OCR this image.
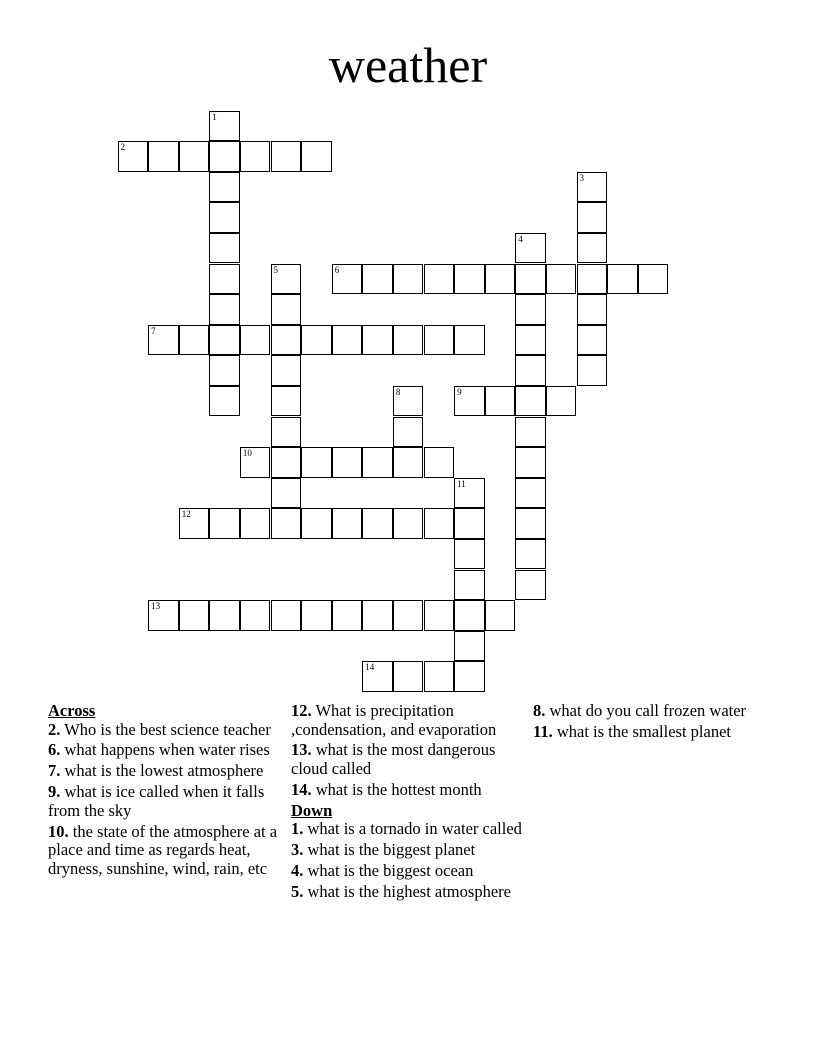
weather
1
2
3
4
5	6
7
8	9
10
11
12
13
14
Across
2. Who is the best science teacher
6. what happens when water rises
7. what is the lowest atmosphere
9. what is ice called when it falls from the sky
10. the state of the atmosphere at a place and time as regards heat, dryness, sunshine, wind, rain, etc
12. What is precipitation ,condensation, and evaporation
13. what is the most dangerous cloud called
14. what is the hottest month
Down
1. what is a tornado in water called
3. what is the biggest planet
4. what is the biggest ocean
5. what is the highest atmosphere
8. what do you call frozen water
11. what is the smallest planet
